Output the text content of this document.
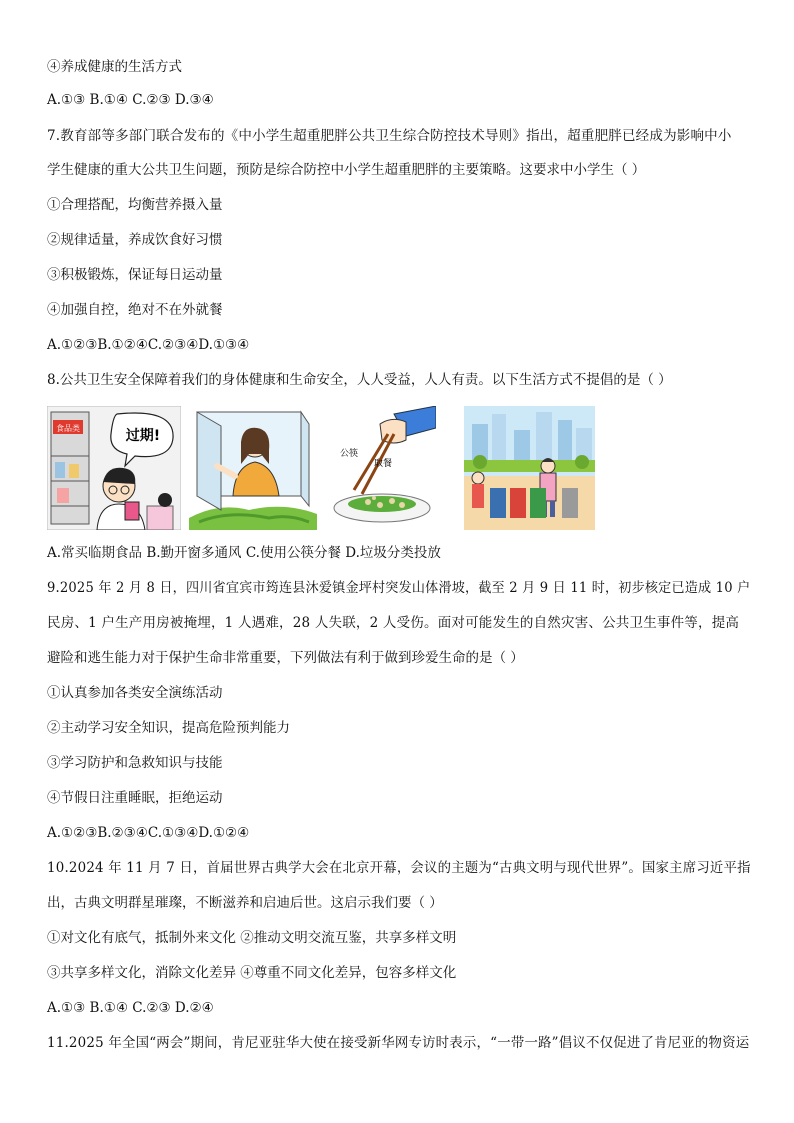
④养成健康的生活方式
A.①③ B.①④ C.②③ D.③④
7.教育部等多部门联合发布的《中小学生超重肥胖公共卫生综合防控技术导则》指出，超重肥胖已经成为影响中小
学生健康的重大公共卫生问题，预防是综合防控中小学生超重肥胖的主要策略。这要求中小学生（ ）
①合理搭配，均衡营养摄入量
②规律适量，养成饮食好习惯
③积极锻炼，保证每日运动量
④加强自控，绝对不在外就餐
A.①②③B.①②④C.②③④D.①③④
8.公共卫生安全保障着我们的身体健康和生命安全，人人受益，人人有责。以下生活方式不提倡的是（ ）
食品类	过期!
公筷
取餐
A.常买临期食品 B.勤开窗多通风 C.使用公筷分餐 D.垃圾分类投放
9.2025 年 2 月 8 日，四川省宜宾市筠连县沐爱镇金坪村突发山体滑坡，截至 2 月 9 日 11 时，初步核定已造成 10 户
民房、1 户生产用房被掩埋，1 人遇难，28 人失联，2 人受伤。面对可能发生的自然灾害、公共卫生事件等，提高
避险和逃生能力对于保护生命非常重要，下列做法有利于做到珍爱生命的是（ ）
①认真参加各类安全演练活动
②主动学习安全知识，提高危险预判能力
③学习防护和急救知识与技能
④节假日注重睡眠，拒绝运动
A.①②③B.②③④C.①③④D.①②④
10.2024 年 11 月 7 日，首届世界古典学大会在北京开幕，会议的主题为“古典文明与现代世界”。国家主席习近平指
出，古典文明群星璀璨，不断滋养和启迪后世。这启示我们要（ ）
①对文化有底气，抵制外来文化 ②推动文明交流互鉴，共享多样文明
③共享多样文化，消除文化差异 ④尊重不同文化差异，包容多样文化
A.①③ B.①④ C.②③ D.②④
11.2025 年全国“两会”期间，肯尼亚驻华大使在接受新华网专访时表示，“一带一路”倡议不仅促进了肯尼亚的物资运
